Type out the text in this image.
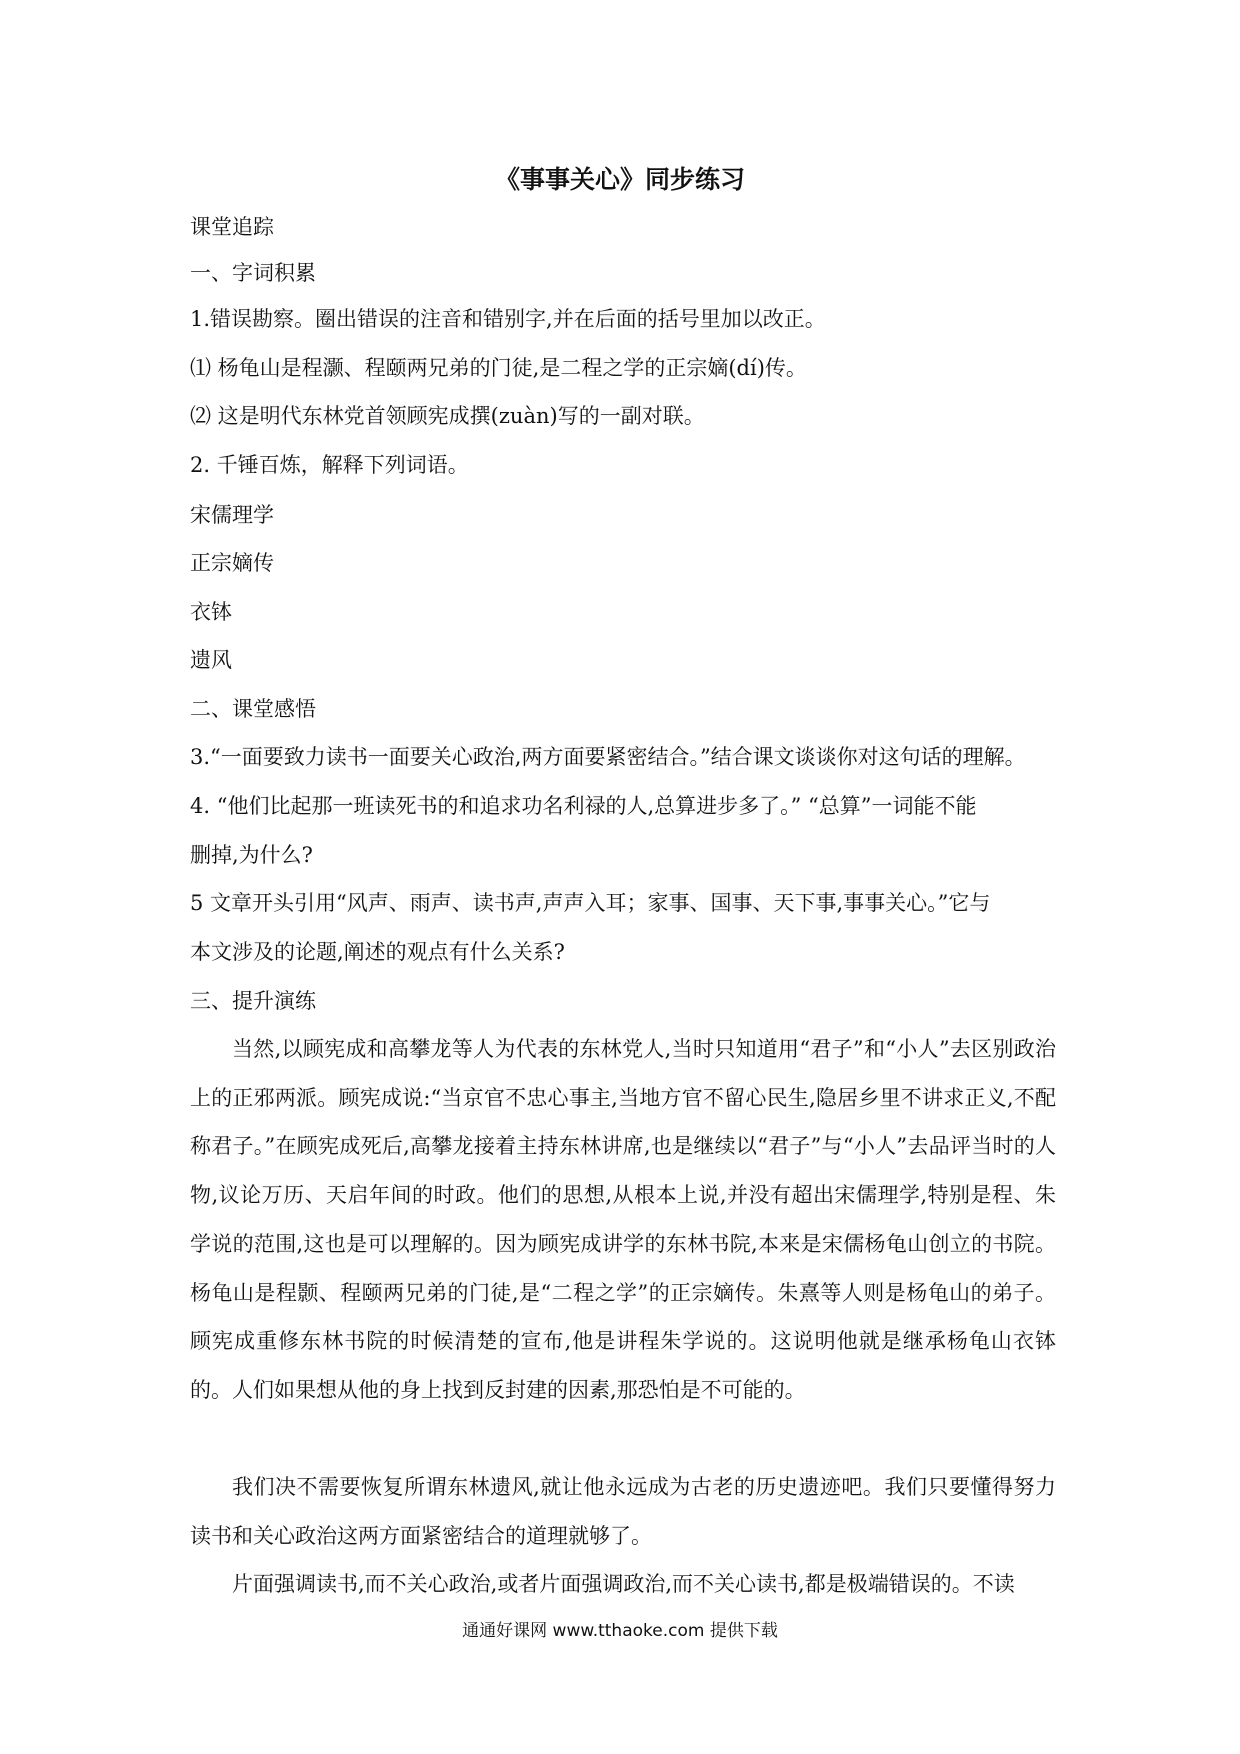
《事事关心》同步练习
课堂追踪
一、字词积累
1.错误勘察。圈出错误的注音和错别字,并在后面的括号里加以改正。
⑴ 杨龟山是程灏、程颐两兄弟的门徒,是二程之学的正宗嫡(dí)传。
⑵ 这是明代东林党首领顾宪成撰(zuàn)写的一副对联。
2. 千锤百炼，解释下列词语。
宋儒理学
正宗嫡传
衣钵
遗风
二、课堂感悟
3.“一面要致力读书一面要关心政治,两方面要紧密结合。”结合课文谈谈你对这句话的理解。
4. “他们比起那一班读死书的和追求功名利禄的人,总算进步多了。” “总算”一词能不能
删掉,为什么?
5 文章开头引用“风声、雨声、读书声,声声入耳；家事、国事、天下事,事事关心。”它与
本文涉及的论题,阐述的观点有什么关系?
三、提升演练

当然,以顾宪成和高攀龙等人为代表的东林党人,当时只知道用“君子”和“小人”去区别政治上的正邪两派。顾宪成说:“当京官不忠心事主,当地方官不留心民生,隐居乡里不讲求正义,不配称君子。”在顾宪成死后,高攀龙接着主持东林讲席,也是继续以“君子”与“小人”去品评当时的人物,议论万历、天启年间的时政。他们的思想,从根本上说,并没有超出宋儒理学,特别是程、朱学说的范围,这也是可以理解的。因为顾宪成讲学的东林书院,本来是宋儒杨龟山创立的书院。杨龟山是程颢、程颐两兄弟的门徒,是“二程之学”的正宗嫡传。朱熹等人则是杨龟山的弟子。顾宪成重修东林书院的时候清楚的宣布,他是讲程朱学说的。这说明他就是继承杨龟山衣钵的。人们如果想从他的身上找到反封建的因素,那恐怕是不可能的。

我们决不需要恢复所谓东林遗风,就让他永远成为古老的历史遗迹吧。我们只要懂得努力读书和关心政治这两方面紧密结合的道理就够了。

片面强调读书,而不关心政治,或者片面强调政治,而不关心读书,都是极端错误的。不读

通通好课网 www.tthaoke.com 提供下载
